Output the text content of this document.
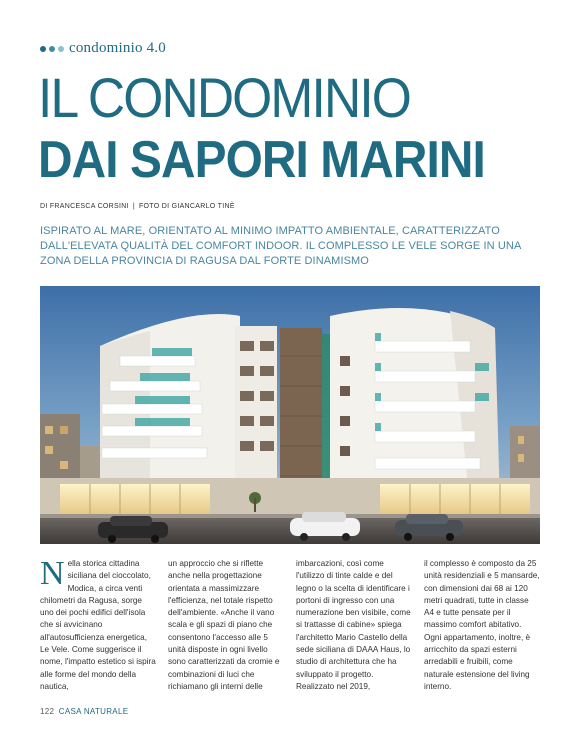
condominio 4.0
IL CONDOMINIO
DAI SAPORI MARINI
DI FRANCESCA CORSINI | FOTO DI GIANCARLO TINÈ

ISPIRATO AL MARE, ORIENTATO AL MINIMO IMPATTO AMBIENTALE, CARATTERIZZATO DALL'ELEVATA QUALITÀ DEL COMFORT INDOOR. IL COMPLESSO LE VELE SORGE IN UNA ZONA DELLA PROVINCIA DI RAGUSA DAL FORTE DINAMISMO

Nella storica cittadina siciliana del cioccolato, Modica, a circa venti chilometri da Ragusa, sorge uno dei pochi edifici dell'isola che si avvicinano all'autosufficienza energetica, Le Vele. Come suggerisce il nome, l'impatto estetico si ispira alle forme del mondo della nautica,

un approccio che si riflette anche nella progettazione orientata a massimizzare l'efficienza, nel totale rispetto dell'ambiente. «Anche il vano scala e gli spazi di piano che consentono l'accesso alle 5 unità disposte in ogni livello sono caratterizzati da cromie e combinazioni di luci che richiamano gli interni delle

imbarcazioni, così come l'utilizzo di tinte calde e del legno o la scelta di identificare i portoni di ingresso con una numerazione ben visibile, come si trattasse di cabine» spiega l'architetto Mario Castello della sede siciliana di DAAA Haus, lo studio di architettura che ha sviluppato il progetto. Realizzato nel 2019,

il complesso è composto da 25 unità residenziali e 5 mansarde, con dimensioni dai 68 ai 120 metri quadrati, tutte in classe A4 e tutte pensate per il massimo comfort abitativo. Ogni appartamento, inoltre, è arricchito da spazi esterni arredabili e fruibili, come naturale estensione del living interno.

122 CASA NATURALE
